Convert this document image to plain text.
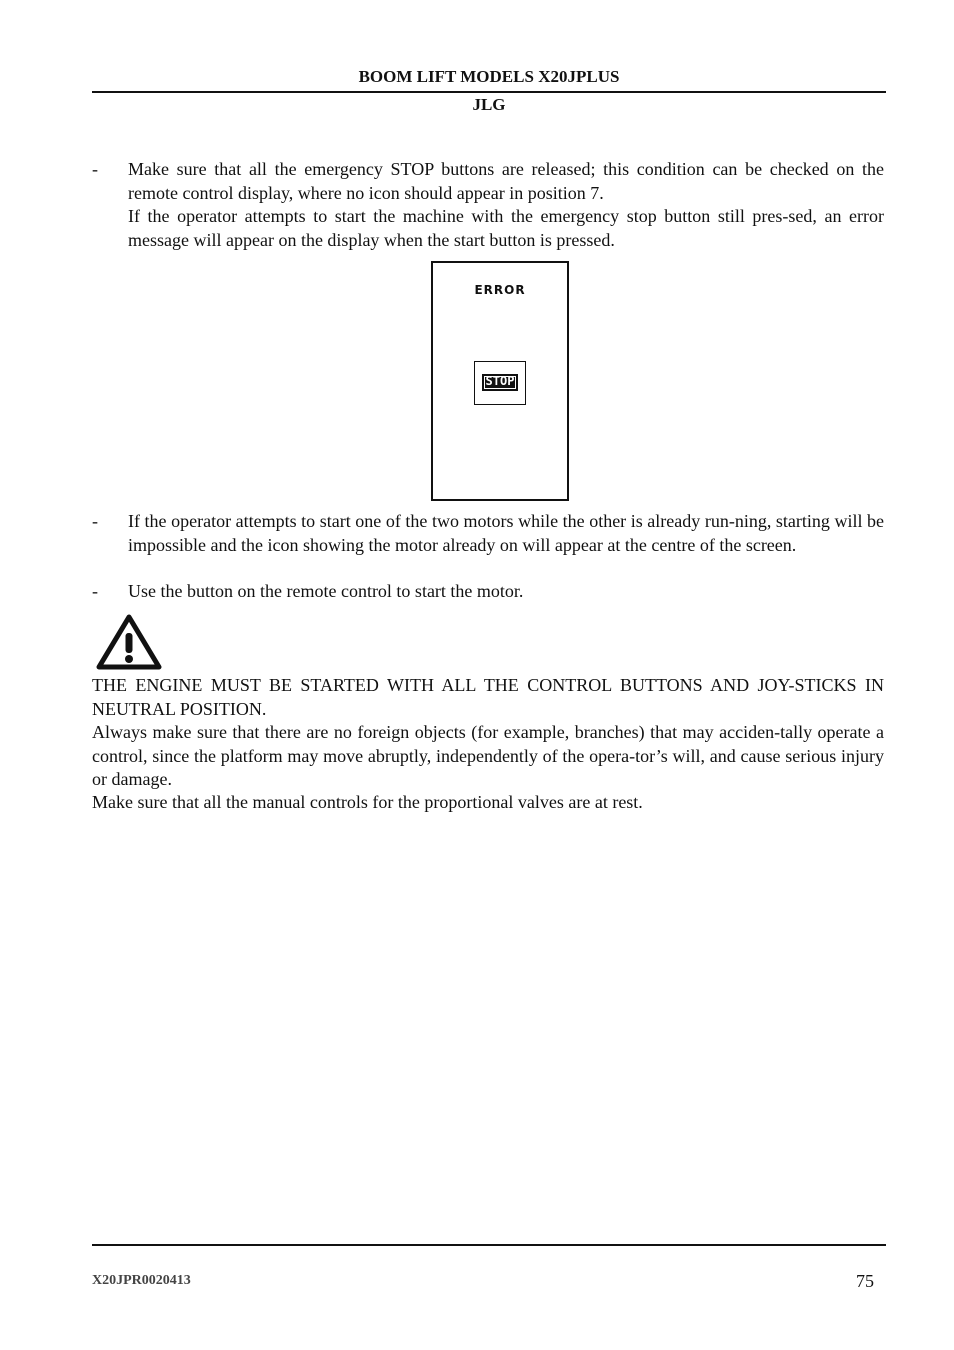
BOOM LIFT MODELS X20JPLUS
JLG
-	Make sure that all the emergency STOP buttons are released; this condition can be checked on the remote control display, where no icon should appear in position 7.
If the operator attempts to start the machine with the emergency stop button still pres-sed, an error message will appear on the display when the start button is pressed.
ERROR
STOP
-	If the operator attempts to start one of the two motors while the other is already run-ning, starting will be impossible and the icon showing the motor already on will appear at the centre of the screen.
-	Use the button on the remote control to start the motor.
THE ENGINE MUST BE STARTED WITH ALL THE CONTROL BUTTONS AND JOY-STICKS IN NEUTRAL POSITION.
Always make sure that there are no foreign objects (for example, branches) that may acciden-tally operate a control, since the platform may move abruptly, independently of the opera-tor’s will, and cause serious injury or damage.
Make sure that all the manual controls for the proportional valves are at rest.
X20JPR0020413	75
